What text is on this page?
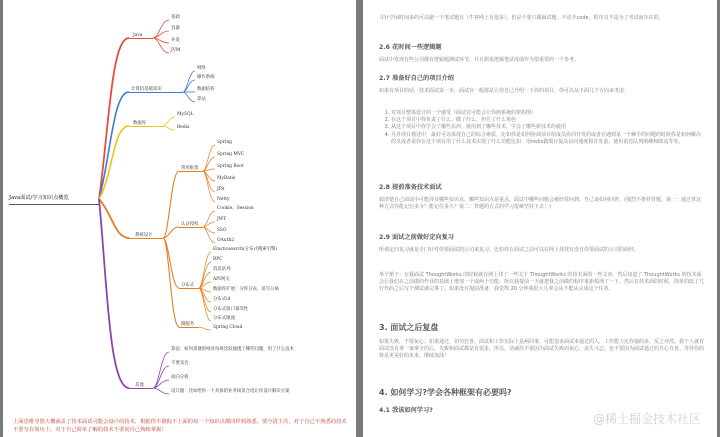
Java面试/学习知识点概览
Java
基础
容器
并发
JVM
计算机基础知识
网络
操作系统
数据结构
算法
数据库
MySQL
Redis
系统设计
常用框架
Spring
Spring MVC
Spring Boot
MyBatis
JPA
Netty
认证授权
Cookie、Session
JWT
SSO
OAuth2
分布式
Elasticsearch(分布式搜索引擎)
RPC
消息队列
API网关
数据库扩展：分库分表、读写分离
分布式id
分布式接口幂等性
分布式限流
微服务
Spring Cloud
其他
算法：如何拿捷的网对每规比较通透了哪些问题，用了什么技术
不要卖会
面向分析
设计题：比如给你一个具体的业务场景合适让你设计解决方案

上面思维导图大概涵盖了技术面试可能会设计的技术，根据你不擅握不上面的每一个知识点都同样熟熟悉，要分清主次，对于自己不熟悉的技术不要写在简历上，对于自己简单了解的技术不要说自己熟练掌握！

寻针空闲时间多的可以刷一下笔试题目（牛客网上有很多）。但是不要只刷面试题，不动手code，程序员不是为了考试而存在的。

2.6 花时间一些逻辑题

面试中发现有些公司都有逻辑题测试环节，并且据说逻辑笔试成绩作为很重要的一个参考。

2.7 准备好自己的项目介绍

如果有项目的话，技术面试第一步，面试官一般都是让你自己介绍一下你的项目。你可以从下面几个方向来考虑：

1. 对项目整体设计的一个感受（面试官可能会让你画系统的架构图）
2. 在这个项目中你负责了什么、做了什么、担任了什么角色
3. 从这个项目中你学会了哪些东西，使用到了哪些技术，学会了哪些新技术的使用
4. 另外项目描述中，最好可以体现自己的综合素质，比如你是如何协调项目组成员协同开发的或者在遇到某一个棘手的问题的时候你是如何解决的又或者说你在这个项目用了什么技术实现了什么功能比如：用redis做缓存提高访问速度和并发量，使用消息队列削峰和降流等等。

2.8 提前准备技术面试

搞清楚自己面试中可能涉及哪些知识点、哪些知识点是重点。面试中哪些问题会被经常问到、自己该如何回答。(强烈不推荐背题，第一：通过背这种方式你能记住多少？能记住多久？第二：背题的方式的学习很难坚持下去！)

2.9 面试之前做好定向复习

所谓定向复习就是专门针对你要面试的公司来复习。比如你在面试之前可以在网上找找有没有你要面试的公司的面经。

举个栗子：在我面试 ThoughtWorks 的时候就在网上找了一些关于 ThoughtWorks 的技术面的一些文章。然后知道了 ThoughtWorks 的技术面会让我们在之前做的作业的基础上增加一个或两个功能，所以我提前一天就把我之前做的程序重新梳理了一下。然后在技术面的时候，简单的改了几行代码之后写个测试就完事了。如果没有提前准备，我觉得 20 分钟我很大几率会从不能从完成这个任务。

3. 面试之后复盘

如果失败，不要灰心；如果通过，切勿狂喜。面试和工作实际上是两回事，可能很多面试未通过的人，工作能力比你强的多，反之亦然。我个人就有面试没有拿一家拿全的后，失败和面试都是有很多。所以，劝诫你不要因为面试失败而灰心、丧失斗志。也不要因为面试通过的自心自喜。等待你的将是更美好的未来，继续加油！

4. 如何学习?学会各种框架有必要吗?

4.1 我该如何学习?

@稀土掘金技术社区
